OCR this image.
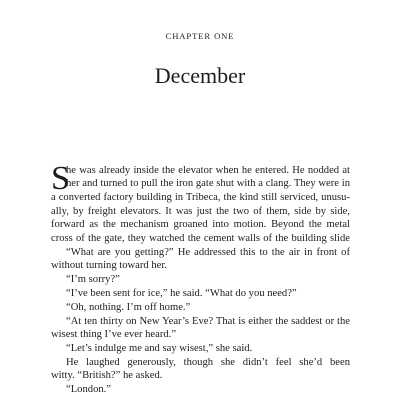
CHAPTER ONE
December
S
he was already inside the elevator when he entered. He nodded at
her and turned to pull the iron gate shut with a clang. They were in
a converted factory building in Tribeca, the kind still serviced, unusu-
ally, by freight elevators. It was just the two of them, side by side,
forward as the mechanism groaned into motion. Beyond the metal
cross of the gate, they watched the cement walls of the building slide
“What are you getting?” He addressed this to the air in front of
without turning toward her.
“I’m sorry?”
“I’ve been sent for ice,” he said. “What do you need?”
“Oh, nothing. I’m off home.”
“At ten thirty on New Year’s Eve? That is either the saddest or the
wisest thing I’ve ever heard.”
“Let’s indulge me and say wisest,” she said.
He laughed generously, though she didn’t feel she’d been
witty. “British?” he asked.
“London.”
